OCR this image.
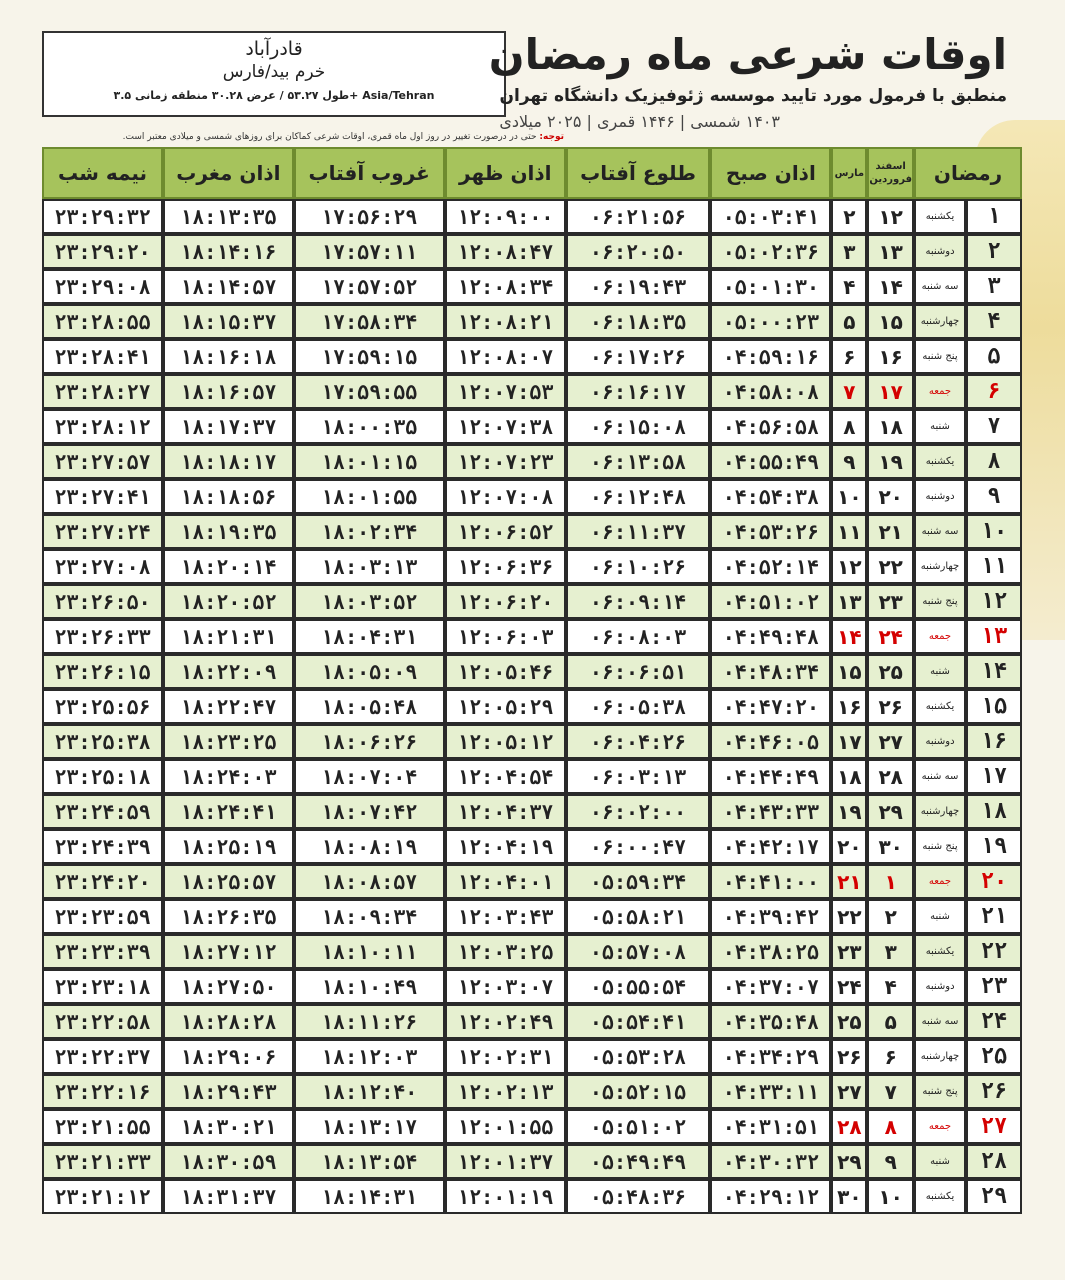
قادرآباد
خرم بید/فارس
طول ۵۳.۲۷ / عرض ۳۰.۲۸ منطقه زمانی ۳.۵+ Asia/Tehran
اوقات شرعی ماه رمضان
منطبق با فرمول مورد تایید موسسه ژئوفیزیک دانشگاه تهران
۱۴۰۳ شمسی | ۱۴۴۶ قمری | ۲۰۲۵ میلادی
توجه: حتی در درصورت تغییر در روز اول ماه قمری، اوقات شرعی کماکان برای روزهای شمسی و میلادی معتبر است.
رمضان		اسفند فروردین	مارس	اذان صبح	طلوع آفتاب	اذان ظهر	غروب آفتاب	اذان مغرب	نیمه شب
۱	یکشنبه	۱۲	۲	۰۵:۰۳:۴۱	۰۶:۲۱:۵۶	۱۲:۰۹:۰۰	۱۷:۵۶:۲۹	۱۸:۱۳:۳۵	۲۳:۲۹:۳۲
۲	دوشنبه	۱۳	۳	۰۵:۰۲:۳۶	۰۶:۲۰:۵۰	۱۲:۰۸:۴۷	۱۷:۵۷:۱۱	۱۸:۱۴:۱۶	۲۳:۲۹:۲۰
۳	سه شنبه	۱۴	۴	۰۵:۰۱:۳۰	۰۶:۱۹:۴۳	۱۲:۰۸:۳۴	۱۷:۵۷:۵۲	۱۸:۱۴:۵۷	۲۳:۲۹:۰۸
۴	چهارشنبه	۱۵	۵	۰۵:۰۰:۲۳	۰۶:۱۸:۳۵	۱۲:۰۸:۲۱	۱۷:۵۸:۳۴	۱۸:۱۵:۳۷	۲۳:۲۸:۵۵
۵	پنج شنبه	۱۶	۶	۰۴:۵۹:۱۶	۰۶:۱۷:۲۶	۱۲:۰۸:۰۷	۱۷:۵۹:۱۵	۱۸:۱۶:۱۸	۲۳:۲۸:۴۱
۶	جمعه	۱۷	۷	۰۴:۵۸:۰۸	۰۶:۱۶:۱۷	۱۲:۰۷:۵۳	۱۷:۵۹:۵۵	۱۸:۱۶:۵۷	۲۳:۲۸:۲۷
۷	شنبه	۱۸	۸	۰۴:۵۶:۵۸	۰۶:۱۵:۰۸	۱۲:۰۷:۳۸	۱۸:۰۰:۳۵	۱۸:۱۷:۳۷	۲۳:۲۸:۱۲
۸	یکشنبه	۱۹	۹	۰۴:۵۵:۴۹	۰۶:۱۳:۵۸	۱۲:۰۷:۲۳	۱۸:۰۱:۱۵	۱۸:۱۸:۱۷	۲۳:۲۷:۵۷
۹	دوشنبه	۲۰	۱۰	۰۴:۵۴:۳۸	۰۶:۱۲:۴۸	۱۲:۰۷:۰۸	۱۸:۰۱:۵۵	۱۸:۱۸:۵۶	۲۳:۲۷:۴۱
۱۰	سه شنبه	۲۱	۱۱	۰۴:۵۳:۲۶	۰۶:۱۱:۳۷	۱۲:۰۶:۵۲	۱۸:۰۲:۳۴	۱۸:۱۹:۳۵	۲۳:۲۷:۲۴
۱۱	چهارشنبه	۲۲	۱۲	۰۴:۵۲:۱۴	۰۶:۱۰:۲۶	۱۲:۰۶:۳۶	۱۸:۰۳:۱۳	۱۸:۲۰:۱۴	۲۳:۲۷:۰۸
۱۲	پنج شنبه	۲۳	۱۳	۰۴:۵۱:۰۲	۰۶:۰۹:۱۴	۱۲:۰۶:۲۰	۱۸:۰۳:۵۲	۱۸:۲۰:۵۲	۲۳:۲۶:۵۰
۱۳	جمعه	۲۴	۱۴	۰۴:۴۹:۴۸	۰۶:۰۸:۰۳	۱۲:۰۶:۰۳	۱۸:۰۴:۳۱	۱۸:۲۱:۳۱	۲۳:۲۶:۳۳
۱۴	شنبه	۲۵	۱۵	۰۴:۴۸:۳۴	۰۶:۰۶:۵۱	۱۲:۰۵:۴۶	۱۸:۰۵:۰۹	۱۸:۲۲:۰۹	۲۳:۲۶:۱۵
۱۵	یکشنبه	۲۶	۱۶	۰۴:۴۷:۲۰	۰۶:۰۵:۳۸	۱۲:۰۵:۲۹	۱۸:۰۵:۴۸	۱۸:۲۲:۴۷	۲۳:۲۵:۵۶
۱۶	دوشنبه	۲۷	۱۷	۰۴:۴۶:۰۵	۰۶:۰۴:۲۶	۱۲:۰۵:۱۲	۱۸:۰۶:۲۶	۱۸:۲۳:۲۵	۲۳:۲۵:۳۸
۱۷	سه شنبه	۲۸	۱۸	۰۴:۴۴:۴۹	۰۶:۰۳:۱۳	۱۲:۰۴:۵۴	۱۸:۰۷:۰۴	۱۸:۲۴:۰۳	۲۳:۲۵:۱۸
۱۸	چهارشنبه	۲۹	۱۹	۰۴:۴۳:۳۳	۰۶:۰۲:۰۰	۱۲:۰۴:۳۷	۱۸:۰۷:۴۲	۱۸:۲۴:۴۱	۲۳:۲۴:۵۹
۱۹	پنج شنبه	۳۰	۲۰	۰۴:۴۲:۱۷	۰۶:۰۰:۴۷	۱۲:۰۴:۱۹	۱۸:۰۸:۱۹	۱۸:۲۵:۱۹	۲۳:۲۴:۳۹
۲۰	جمعه	۱	۲۱	۰۴:۴۱:۰۰	۰۵:۵۹:۳۴	۱۲:۰۴:۰۱	۱۸:۰۸:۵۷	۱۸:۲۵:۵۷	۲۳:۲۴:۲۰
۲۱	شنبه	۲	۲۲	۰۴:۳۹:۴۲	۰۵:۵۸:۲۱	۱۲:۰۳:۴۳	۱۸:۰۹:۳۴	۱۸:۲۶:۳۵	۲۳:۲۳:۵۹
۲۲	یکشنبه	۳	۲۳	۰۴:۳۸:۲۵	۰۵:۵۷:۰۸	۱۲:۰۳:۲۵	۱۸:۱۰:۱۱	۱۸:۲۷:۱۲	۲۳:۲۳:۳۹
۲۳	دوشنبه	۴	۲۴	۰۴:۳۷:۰۷	۰۵:۵۵:۵۴	۱۲:۰۳:۰۷	۱۸:۱۰:۴۹	۱۸:۲۷:۵۰	۲۳:۲۳:۱۸
۲۴	سه شنبه	۵	۲۵	۰۴:۳۵:۴۸	۰۵:۵۴:۴۱	۱۲:۰۲:۴۹	۱۸:۱۱:۲۶	۱۸:۲۸:۲۸	۲۳:۲۲:۵۸
۲۵	چهارشنبه	۶	۲۶	۰۴:۳۴:۲۹	۰۵:۵۳:۲۸	۱۲:۰۲:۳۱	۱۸:۱۲:۰۳	۱۸:۲۹:۰۶	۲۳:۲۲:۳۷
۲۶	پنج شنبه	۷	۲۷	۰۴:۳۳:۱۱	۰۵:۵۲:۱۵	۱۲:۰۲:۱۳	۱۸:۱۲:۴۰	۱۸:۲۹:۴۳	۲۳:۲۲:۱۶
۲۷	جمعه	۸	۲۸	۰۴:۳۱:۵۱	۰۵:۵۱:۰۲	۱۲:۰۱:۵۵	۱۸:۱۳:۱۷	۱۸:۳۰:۲۱	۲۳:۲۱:۵۵
۲۸	شنبه	۹	۲۹	۰۴:۳۰:۳۲	۰۵:۴۹:۴۹	۱۲:۰۱:۳۷	۱۸:۱۳:۵۴	۱۸:۳۰:۵۹	۲۳:۲۱:۳۳
۲۹	یکشنبه	۱۰	۳۰	۰۴:۲۹:۱۲	۰۵:۴۸:۳۶	۱۲:۰۱:۱۹	۱۸:۱۴:۳۱	۱۸:۳۱:۳۷	۲۳:۲۱:۱۲
